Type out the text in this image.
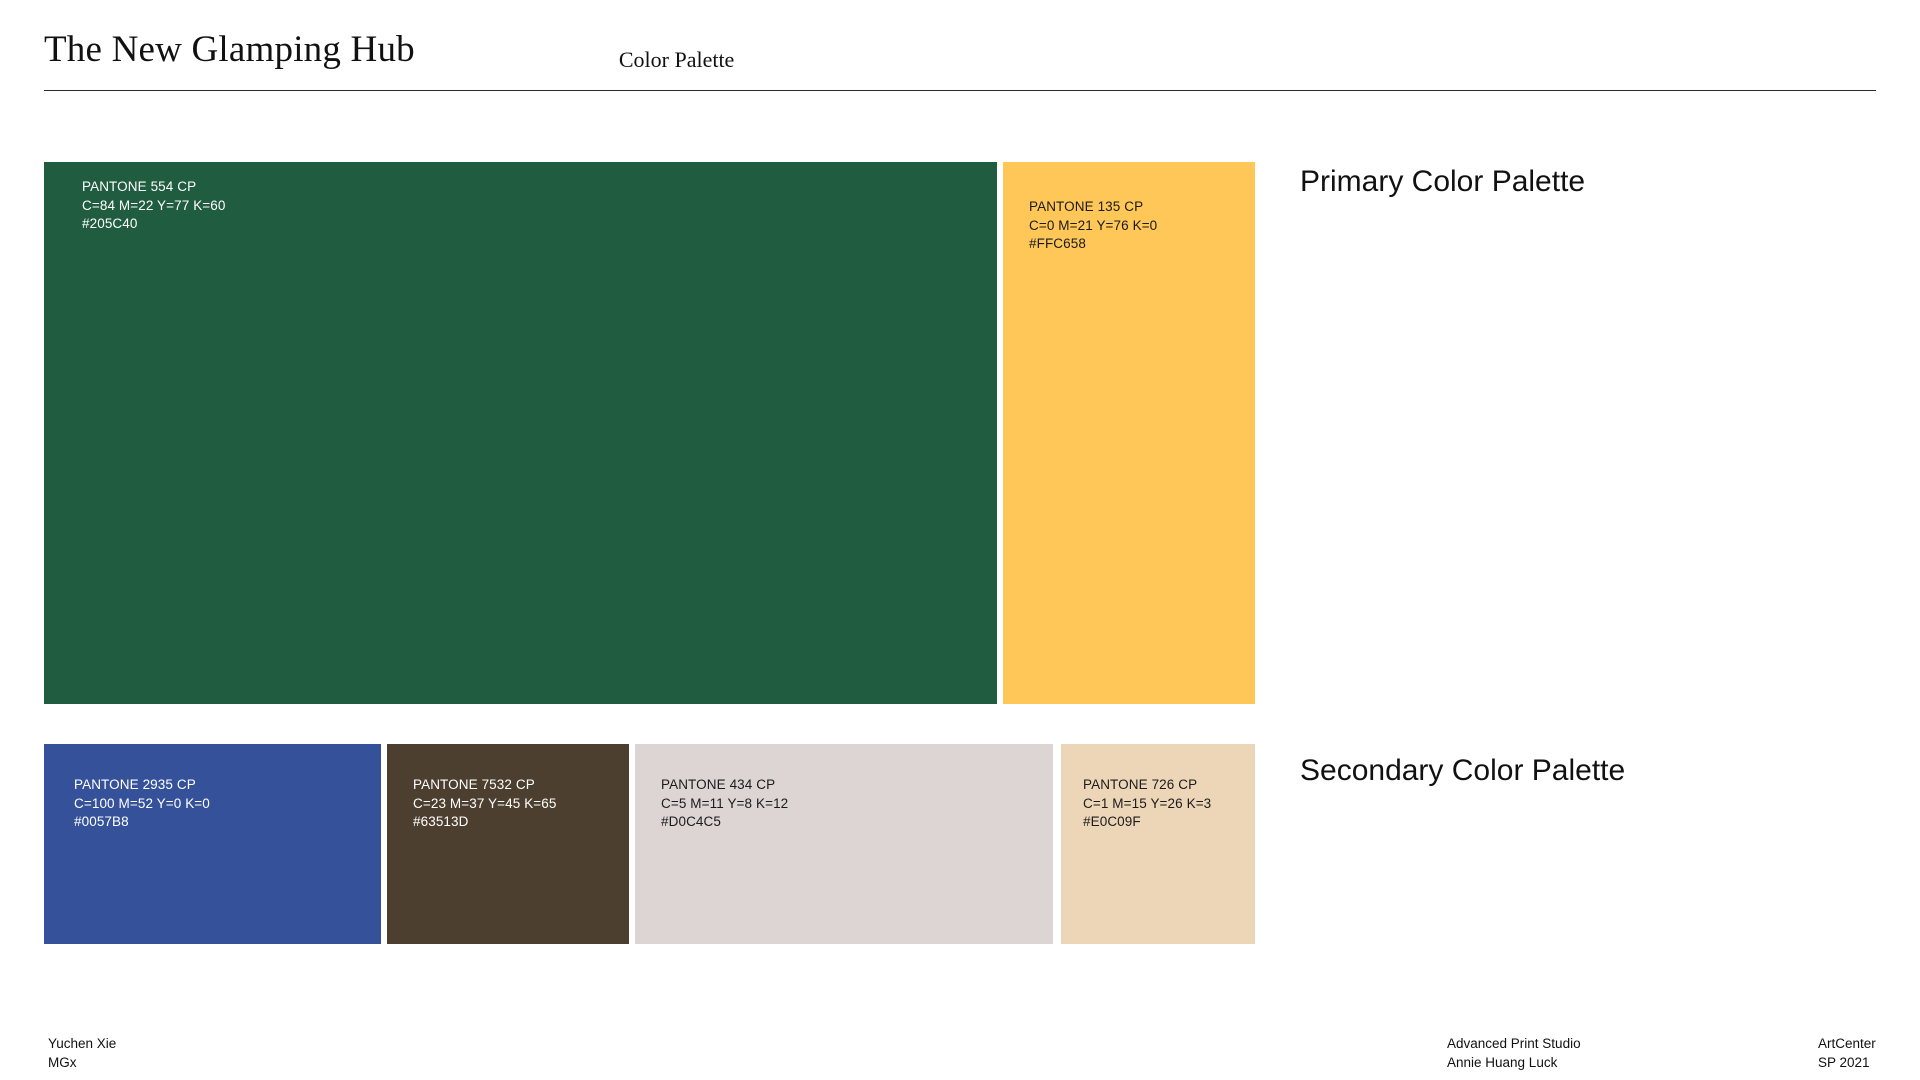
The New Glamping Hub	Color Palette
Primary Color Palette
Secondary Color Palette
PANTONE 554 CP
C=84 M=22 Y=77 K=60
#205C40
PANTONE 135 CP
C=0 M=21 Y=76 K=0
#FFC658
PANTONE 2935 CP
C=100 M=52 Y=0 K=0
#0057B8
PANTONE 7532 CP
C=23 M=37 Y=45 K=65
#63513D
PANTONE 434 CP
C=5 M=11 Y=8 K=12
#D0C4C5
PANTONE 726 CP
C=1 M=15 Y=26 K=3
#E0C09F
Yuchen Xie
MGx
Advanced Print Studio
Annie Huang Luck
ArtCenter
SP 2021
